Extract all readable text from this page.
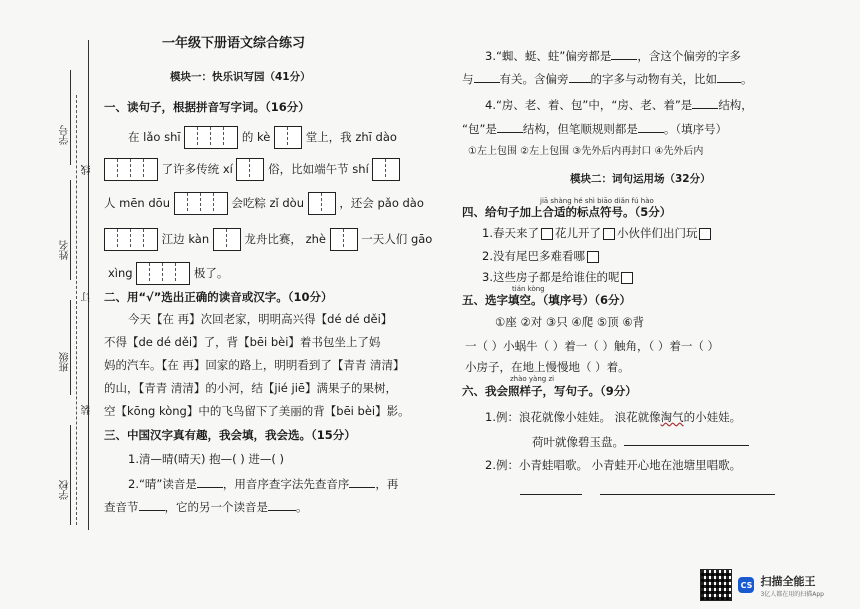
学号
线
姓名
订
班级
装
学校
一年级下册语文综合练习
模块一：快乐识写园（41分）
一、读句子，根据拼音写字词。（16分）
在 lǎo shī	的 kè	堂上，我 zhī dào
了许多传统 xí	俗，比如端午节 shí
人 mēn dōu	会吃粽 zǐ dòu	，还会 pǎo dào
江边 kàn	龙舟比赛， zhè	一天人们 gāo
xìng	极了。
二、用“√”选出正确的读音或汉字。（10分）
今天【在 再】次回老家，明明高兴得【dé dé děi】
不得【de dé děi】了，背【bēi bèi】着书包坐上了妈
妈的汽车。【在 再】回家的路上，明明看到了【青青 清清】
的山，【青青 清清】的小河，结【jié jiē】满果子的果树，
空【kōng kòng】中的飞鸟留下了美丽的背【bēi bèi】影。
三、中国汉字真有趣，我会填，我会选。（15分）
1.清—晴(晴天) 抱—( ) 进—( )
2.“晴”读音是 ，用音序查字法先查音序 ，再
查音节 ，它的另一个读音是 。
3.“蜘、蜓、蛀”偏旁都是 ，含这个偏旁的字多
与 有关。含偏旁 的字多与动物有关，比如 。
4.“房、老、着、包”中，“房、老、着”是 结构，
“包”是 结构，但笔顺规则都是 。（填序号）
①左上包围 ②左上包围 ③先外后内再封口 ④先外后内
模块二：词句运用场（32分）
jiā shàng hé shì biāo diǎn fú hào
四、给句子加上合适的标点符号。（5分）
1.春天来了 花儿开了 小伙伴们出门玩
2.没有尾巴多难看哪
3.这些房子都是给谁住的呢
tián kòng
五、选字填空。（填序号）（6分）
①座 ②对 ③只 ④爬 ⑤顶 ⑥背
一（ ）小蜗牛（ ）着一（ ）触角，（ ）着一（ ）
小房子，在地上慢慢地（ ）着。
zhào yàng zi
六、我会照样子，写句子。（9分）
1.例：浪花就像小娃娃。 浪花就像淘气的小娃娃。
荷叶就像碧玉盘。
2.例：小青蛙唱歌。 小青蛙开心地在池塘里唱歌。

CS 扫描全能王
3亿人都在用的扫描App
